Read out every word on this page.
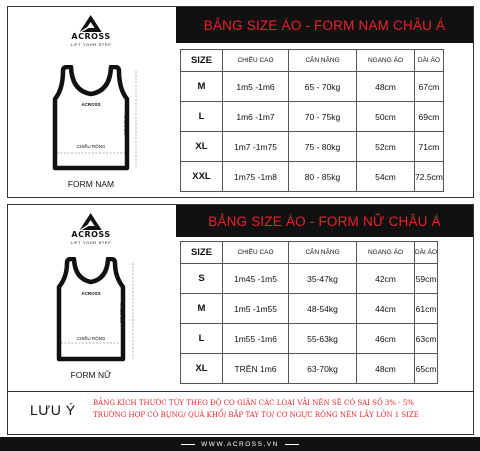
ACROSS
LIFT YOUR STEP
ACROSS
CHIỀU RỘNG
CHIỀU DÀI
FORM NAM
BẢNG SIZE ÁO - FORM NAM CHÂU Á
SIZE	CHIỀU CAO	CÂN NẶNG	NGANG ÁO	DÀI ÁO
M	1m5 -1m6	65 - 70kg	48cm	67cm
L	1m6 -1m7	70 - 75kg	50cm	69cm
XL	1m7 -1m75	75 - 80kg	52cm	71cm
XXL	1m75 -1m8	80 - 85kg	54cm	72.5cm
ACROSS
LIFT YOUR STEP
ACROSS
CHIỀU RỘNG
CHIỀU DÀI
FORM NỮ
BẢNG SIZE ÁO - FORM NỮ CHÂU Á
SIZE	CHIỀU CAO	CÂN NẶNG	NGANG ÁO	DÀI ÁO
S	1m45 -1m5	35-47kg	42cm	59cm
M	1m5 -1m55	48-54kg	44cm	61cm
L	1m55 -1m6	55-63kg	46cm	63cm
XL	TRÊN 1m6	63-70kg	48cm	65cm
LƯU Ý BẢNG KÍCH THƯỚC TÙY THEO ĐỘ CO GIÃN CÁC LOẠI VẢI NÊN SẼ CÓ SAI SỐ 3% - 5%
TRƯỜNG HỢP CÓ BỤNG/ QUÁ KHỔ/ BẮP TAY TO/ CƠ NGỰC RỘNG NÊN LẤY LỚN 1 SIZE
WWW.ACROSS.VN
